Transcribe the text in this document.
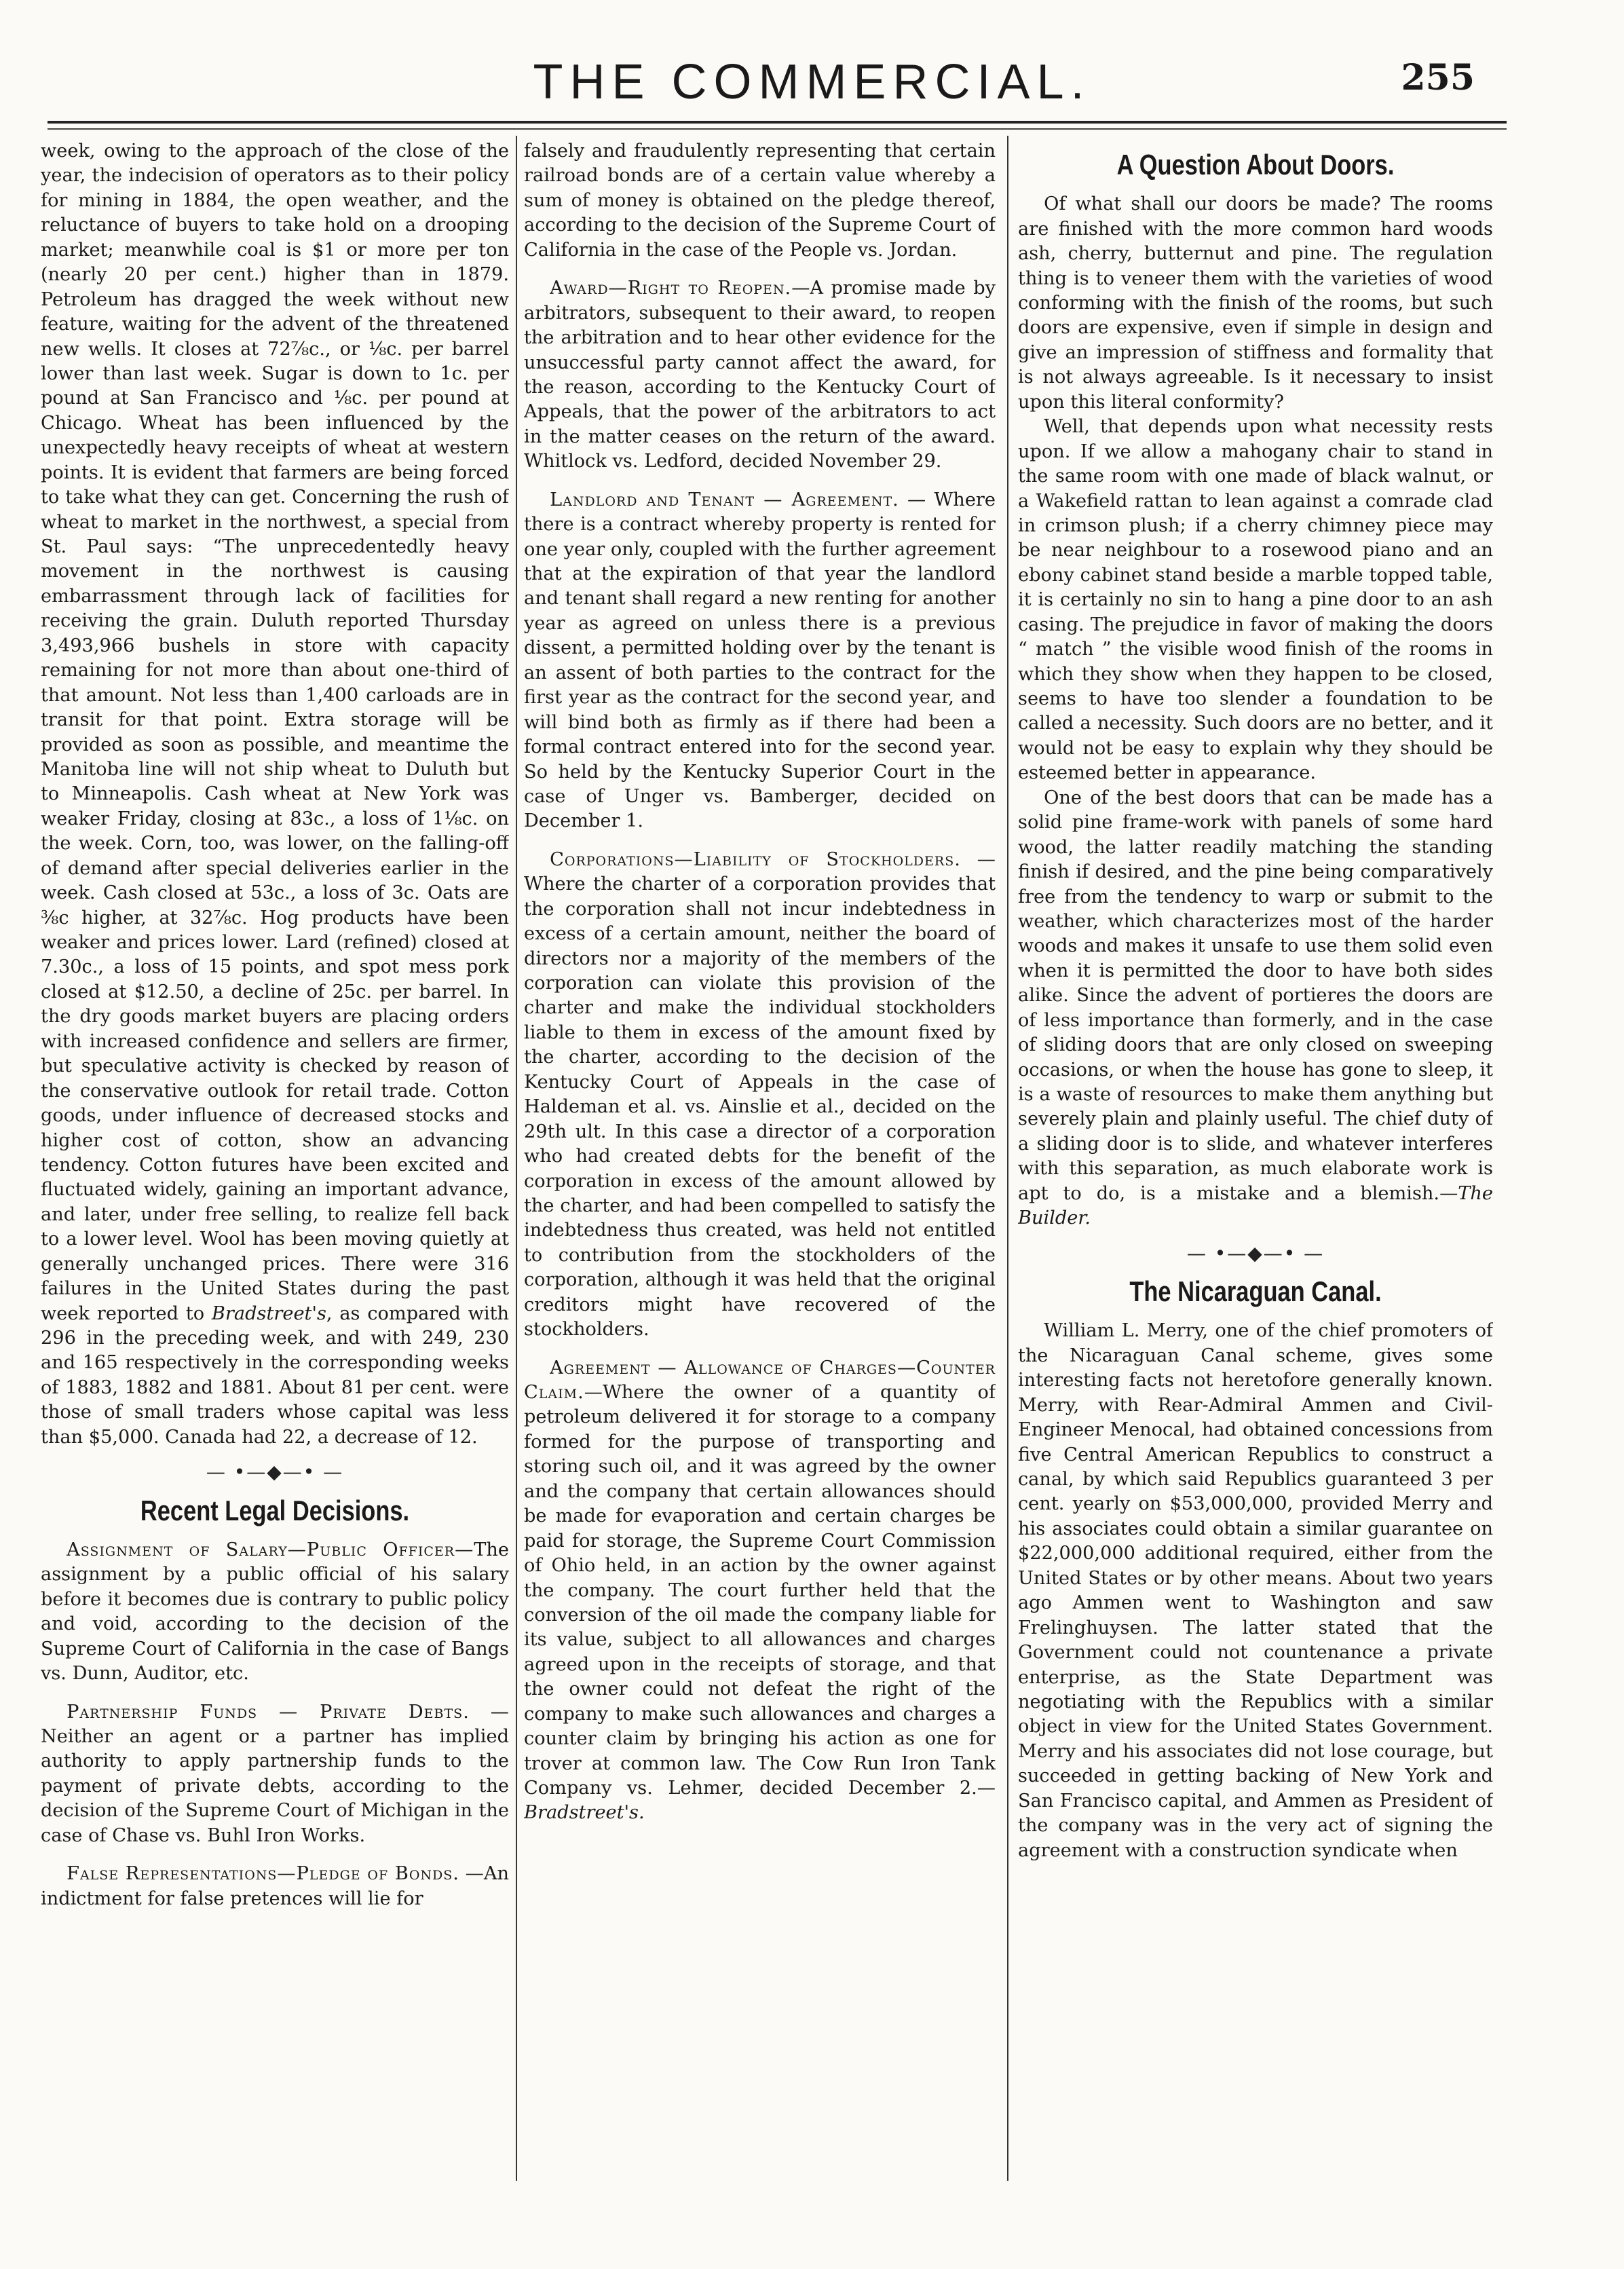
THE COMMERCIAL.	255

week, owing to the approach of the close of the year, the indecision of operators as to their policy for mining in 1884, the open weather, and the reluctance of buyers to take hold on a drooping market; meanwhile coal is $1 or more per ton (nearly 20 per cent.) higher than in 1879. Petroleum has dragged the week without new feature, waiting for the advent of the threatened new wells. It closes at 72⅞c., or ⅛c. per barrel lower than last week. Sugar is down to 1c. per pound at San Francisco and ⅛c. per pound at Chicago. Wheat has been influenced by the unexpectedly heavy receipts of wheat at western points. It is evident that farmers are being forced to take what they can get. Concerning the rush of wheat to market in the northwest, a special from St. Paul says: “The unprecedentedly heavy movement in the northwest is causing embarrassment through lack of facilities for receiving the grain. Duluth reported Thursday 3,493,966 bushels in store with capacity remaining for not more than about one-third of that amount. Not less than 1,400 carloads are in transit for that point. Extra storage will be provided as soon as possible, and meantime the Manitoba line will not ship wheat to Duluth but to Minneapolis. Cash wheat at New York was weaker Friday, closing at 83c., a loss of 1⅛c. on the week. Corn, too, was lower, on the falling-off of demand after special deliveries earlier in the week. Cash closed at 53c., a loss of 3c. Oats are ⅜c higher, at 32⅞c. Hog products have been weaker and prices lower. Lard (refined) closed at 7.30c., a loss of 15 points, and spot mess pork closed at $12.50, a decline of 25c. per barrel. In the dry goods market buyers are placing orders with increased confidence and sellers are firmer, but speculative activity is checked by reason of the conservative outlook for retail trade. Cotton goods, under influence of decreased stocks and higher cost of cotton, show an advancing tendency. Cotton futures have been excited and fluctuated widely, gaining an important advance, and later, under free selling, to realize fell back to a lower level. Wool has been moving quietly at generally unchanged prices. There were 316 failures in the United States during the past week reported to Bradstreet's, as compared with 296 in the preceding week, and with 249, 230 and 165 respectively in the corresponding weeks of 1883, 1882 and 1881. About 81 per cent. were those of small traders whose capital was less than $5,000. Canada had 22, a decrease of 12.

— •—◆—• —
Recent Legal Decisions.

Assignment of Salary—Public Officer—The assignment by a public official of his salary before it becomes due is contrary to public policy and void, according to the decision of the Supreme Court of California in the case of Bangs vs. Dunn, Auditor, etc.

Partnership Funds — Private Debts. — Neither an agent or a partner has implied authority to apply partnership funds to the payment of private debts, according to the decision of the Supreme Court of Michigan in the case of Chase vs. Buhl Iron Works.

False Representations—Pledge of Bonds. —An indictment for false pretences will lie for

falsely and fraudulently representing that certain railroad bonds are of a certain value whereby a sum of money is obtained on the pledge thereof, according to the decision of the Supreme Court of California in the case of the People vs. Jordan.

Award—Right to Reopen.—A promise made by arbitrators, subsequent to their award, to reopen the arbitration and to hear other evidence for the unsuccessful party cannot affect the award, for the reason, according to the Kentucky Court of Appeals, that the power of the arbitrators to act in the matter ceases on the return of the award. Whitlock vs. Ledford, decided November 29.

Landlord and Tenant — Agreement. — Where there is a contract whereby property is rented for one year only, coupled with the further agreement that at the expiration of that year the landlord and tenant shall regard a new renting for another year as agreed on unless there is a previous dissent, a permitted holding over by the tenant is an assent of both parties to the contract for the first year as the contract for the second year, and will bind both as firmly as if there had been a formal contract entered into for the second year. So held by the Kentucky Superior Court in the case of Unger vs. Bamberger, decided on December 1.

Corporations—Liability of Stockholders. —Where the charter of a corporation provides that the corporation shall not incur indebtedness in excess of a certain amount, neither the board of directors nor a majority of the members of the corporation can violate this provision of the charter and make the individual stockholders liable to them in excess of the amount fixed by the charter, according to the decision of the Kentucky Court of Appeals in the case of Haldeman et al. vs. Ainslie et al., decided on the 29th ult. In this case a director of a corporation who had created debts for the benefit of the corporation in excess of the amount allowed by the charter, and had been compelled to satisfy the indebtedness thus created, was held not entitled to contribution from the stockholders of the corporation, although it was held that the original creditors might have recovered of the stockholders.

Agreement — Allowance of Charges—Counter Claim.—Where the owner of a quantity of petroleum delivered it for storage to a company formed for the purpose of transporting and storing such oil, and it was agreed by the owner and the company that certain allowances should be made for evaporation and certain charges be paid for storage, the Supreme Court Commission of Ohio held, in an action by the owner against the company. The court further held that the conversion of the oil made the company liable for its value, subject to all allowances and charges agreed upon in the receipts of storage, and that the owner could not defeat the right of the company to make such allowances and charges a counter claim by bringing his action as one for trover at common law. The Cow Run Iron Tank Company vs. Lehmer, decided December 2.—Bradstreet's.

A Question About Doors.

Of what shall our doors be made? The rooms are finished with the more common hard woods ash, cherry, butternut and pine. The regulation thing is to veneer them with the varieties of wood conforming with the finish of the rooms, but such doors are expensive, even if simple in design and give an impression of stiffness and formality that is not always agreeable. Is it necessary to insist upon this literal conformity?

Well, that depends upon what necessity rests upon. If we allow a mahogany chair to stand in the same room with one made of black walnut, or a Wakefield rattan to lean against a comrade clad in crimson plush; if a cherry chimney piece may be near neighbour to a rosewood piano and an ebony cabinet stand beside a marble topped table, it is certainly no sin to hang a pine door to an ash casing. The prejudice in favor of making the doors “ match ” the visible wood finish of the rooms in which they show when they happen to be closed, seems to have too slender a foundation to be called a necessity. Such doors are no better, and it would not be easy to explain why they should be esteemed better in appearance.

One of the best doors that can be made has a solid pine frame-work with panels of some hard wood, the latter readily matching the standing finish if desired, and the pine being comparatively free from the tendency to warp or submit to the weather, which characterizes most of the harder woods and makes it unsafe to use them solid even when it is permitted the door to have both sides alike. Since the advent of portieres the doors are of less importance than formerly, and in the case of sliding doors that are only closed on sweeping occasions, or when the house has gone to sleep, it is a waste of resources to make them anything but severely plain and plainly useful. The chief duty of a sliding door is to slide, and whatever interferes with this separation, as much elaborate work is apt to do, is a mistake and a blemish.—The Builder.

— •—◆—• —
The Nicaraguan Canal.

William L. Merry, one of the chief promoters of the Nicaraguan Canal scheme, gives some interesting facts not heretofore generally known. Merry, with Rear-Admiral Ammen and Civil-Engineer Menocal, had obtained concessions from five Central American Republics to construct a canal, by which said Republics guaranteed 3 per cent. yearly on $53,000,000, provided Merry and his associates could obtain a similar guarantee on $22,000,000 additional required, either from the United States or by other means. About two years ago Ammen went to Washington and saw Frelinghuysen. The latter stated that the Government could not countenance a private enterprise, as the State Department was negotiating with the Republics with a similar object in view for the United States Government. Merry and his associates did not lose courage, but succeeded in getting backing of New York and San Francisco capital, and Ammen as President of the company was in the very act of signing the agreement with a construction syndicate when
